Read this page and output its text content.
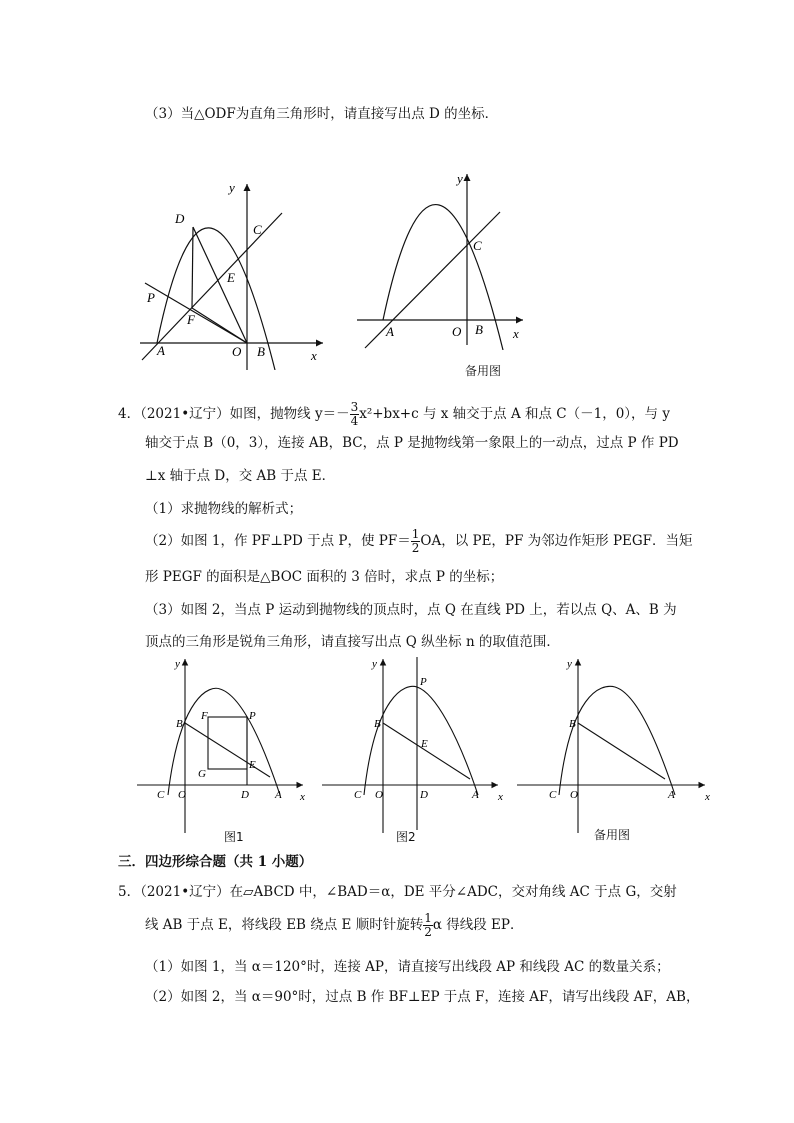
（3）当△ODF为直角三角形时，请直接写出点 D 的坐标．
y
x
D
C
E
P
F
A	O B
y
x
C
A	O B
备用图
4．（2021•辽宁）如图，抛物线 $y=- \frac{3}{4} x^2+bx+c$ 与 x 轴交于点 A 和点 C（－1，0），与 y
轴交于点 B（0，3），连接 AB，BC，点 P 是抛物线第一象限上的一动点，过点 P 作 PD
⊥x 轴于点 D，交 AB 于点 E．
（1）求抛物线的解析式；
（2）如图 1，作 PF⊥PD 于点 P，使 $PF= \frac{1}{2}$ OA，以 PE，PF 为邻边作矩形 PEGF．当矩
形 PEGF 的面积是△BOC 面积的 3 倍时，求点 P 的坐标；
（3）如图 2，当点 P 运动到抛物线的顶点时，点 Q 在直线 PD 上，若以点 Q、A、B 为
顶点的三角形是锐角三角形，请直接写出点 Q 纵坐标 n 的取值范围．
y
x
B
F	P
G
E
C O	D A
图1
y
x
P
B
E
C O	D	A
图2
y
x
B
C O	A
备用图
三．四边形综合题（共 1 小题）
5．（2021•辽宁）在▱ABCD 中，∠BAD＝α，DE 平分∠ADC，交对角线 AC 于点 G，交射
线 AB 于点 E，将线段 EB 绕点 E 顺时针旋转 $\frac{1}{2}$ α 得线段 EP．
（1）如图 1，当 α＝120°时，连接 AP，请直接写出线段 AP 和线段 AC 的数量关系；
（2）如图 2，当 α＝90°时，过点 B 作 BF⊥EP 于点 F，连接 AF，请写出线段 AF，AB，
